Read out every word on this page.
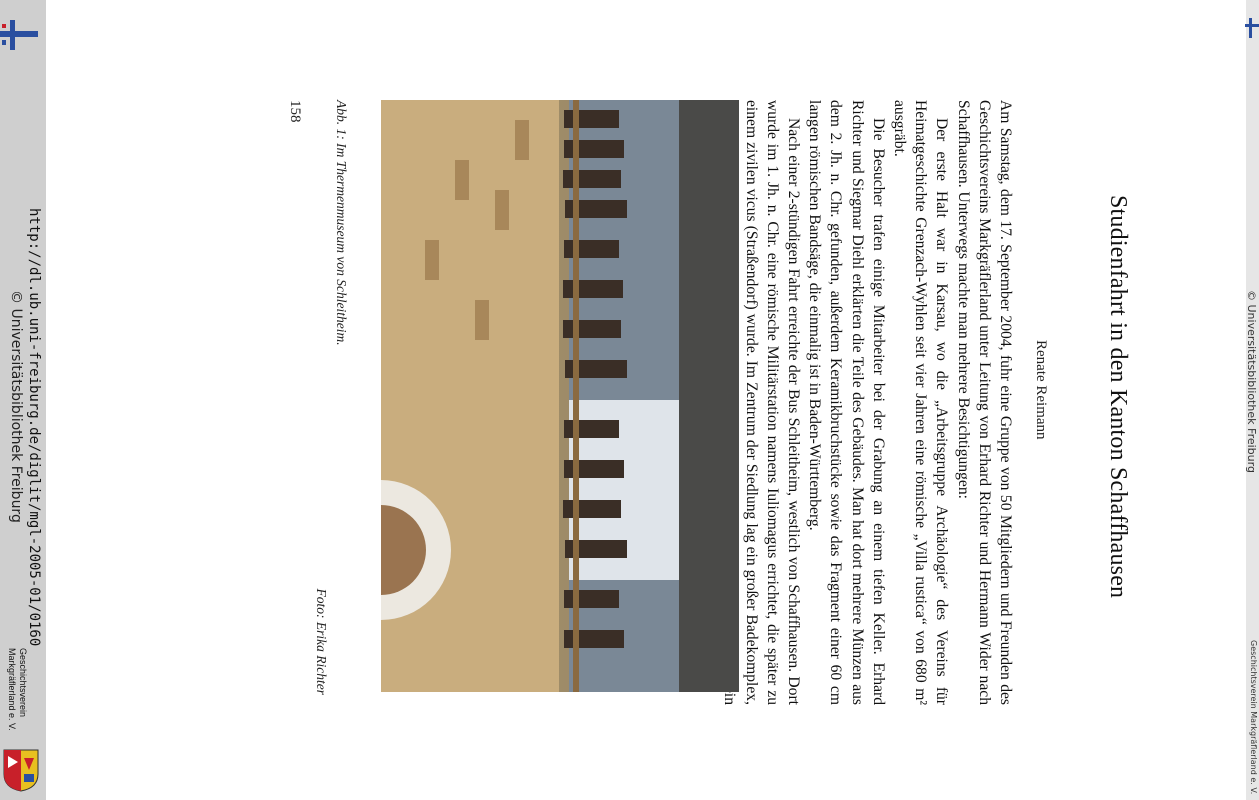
http://dl.ub.uni-freiburg.de/diglit/mgl-2005-01/0160
© Universitätsbibliothek Freiburg
Geschichtsverein
Markgräflerland e. V.
© Universitätsbibliothek Freiburg
Geschichtsverein Markgräflerland e. V.
Studienfahrt in den Kanton Schaffhausen
Renate Reimann

Am Samstag, dem 17. September 2004, fuhr eine Gruppe von 50 Mitgliedern und Freunden des Geschichtsvereins Markgräflerland unter Leitung von Erhard Richter und Hermann Wider nach Schaffhausen. Unterwegs machte man mehrere Besichtigungen:

Der erste Halt war in Karsau, wo die „Arbeitsgruppe Archäologie“ des Vereins für Heimatgeschichte Grenzach-Wyhlen seit vier Jahren eine römische „Villa rustica“ von 680 m² ausgräbt.

Die Besucher trafen einige Mitarbeiter bei der Grabung an einem tiefen Keller. Erhard Richter und Siegmar Diehl erklärten die Teile des Gebäudes. Man hat dort mehrere Münzen aus dem 2. Jh. n. Chr. gefunden, außerdem Keramikbruchstücke sowie das Fragment einer 60 cm langen römischen Bandsäge, die einmalig ist in Baden-Württemberg.

Nach einer 2-stündigen Fahrt erreichte der Bus Schleitheim, westlich von Schaffhausen. Dort wurde im 1. Jh. n. Chr. eine römische Militärstation namens Iuliomagus errichtet, die später zu einem zivilen vicus (Straßendorf) wurde. Im Zentrum der Siedlung lag ein großer Badekomplex, ein

Abb. 1: Im Thermenmuseum von Schleitheim.
Foto: Erika Richter
158
